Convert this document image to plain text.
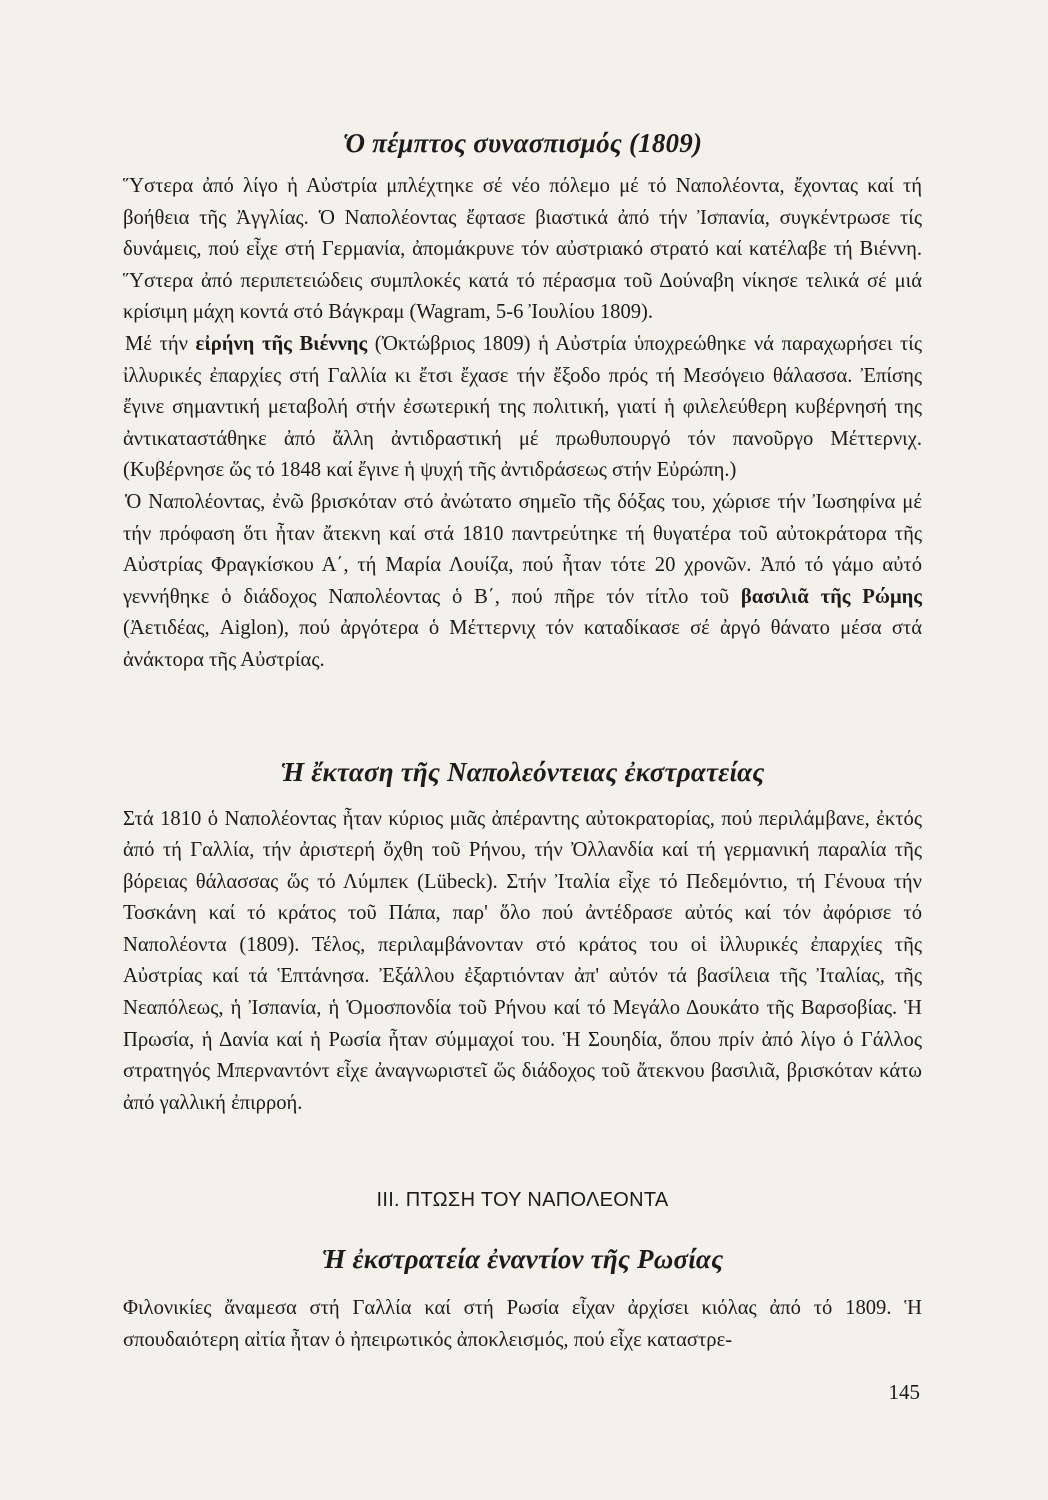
Ὁ πέμπτος συνασπισμός (1809)

Ὕστερα ἀπό λίγο ἡ Αὐστρία μπλέχτηκε σέ νέο πόλεμο μέ τό Ναπολέοντα, ἔχοντας καί τή βοήθεια τῆς Ἀγγλίας. Ὁ Ναπολέοντας ἔφτασε βιαστικά ἀπό τήν Ἰσπανία, συγκέντρωσε τίς δυνάμεις, πού εἶχε στή Γερμανία, ἀπομάκρυνε τόν αὐστριακό στρατό καί κατέλαβε τή Βιέννη. Ὕστερα ἀπό περιπετειώδεις συμπλοκές κατά τό πέρασμα τοῦ Δούναβη νίκησε τελικά σέ μιά κρίσιμη μάχη κοντά στό Βάγκραμ (Wagram, 5-6 Ἰουλίου 1809).

Μέ τήν εἰρήνη τῆς Βιέννης (Ὀκτώβριος 1809) ἡ Αὐστρία ὑποχρεώθηκε νά παραχωρήσει τίς ἰλλυρικές ἐπαρχίες στή Γαλλία κι ἔτσι ἔχασε τήν ἔξοδο πρός τή Μεσόγειο θάλασσα. Ἐπίσης ἔγινε σημαντική μεταβολή στήν ἐσωτερική της πολιτική, γιατί ἡ φιλελεύθερη κυβέρνησή της ἀντικαταστάθηκε ἀπό ἄλλη ἀντιδραστική μέ πρωθυπουργό τόν πανοῦργο Μέττερνιχ. (Κυβέρνησε ὥς τό 1848 καί ἔγινε ἡ ψυχή τῆς ἀντιδράσεως στήν Εὐρώπη.)

Ὁ Ναπολέοντας, ἐνῶ βρισκόταν στό ἀνώτατο σημεῖο τῆς δόξας του, χώρισε τήν Ἰωσηφίνα μέ τήν πρόφαση ὅτι ἦταν ἄτεκνη καί στά 1810 παντρεύτηκε τή θυγατέρα τοῦ αὐτοκράτορα τῆς Αὐστρίας Φραγκίσκου Α΄, τή Μαρία Λουίζα, πού ἦταν τότε 20 χρονῶν. Ἀπό τό γάμο αὐτό γεννήθηκε ὁ διάδοχος Ναπολέοντας ὁ Β΄, πού πῆρε τόν τίτλο τοῦ βασιλιᾶ τῆς Ρώμης (Ἀετιδέας, Aiglon), πού ἀργότερα ὁ Μέττερνιχ τόν καταδίκασε σέ ἀργό θάνατο μέσα στά ἀνάκτορα τῆς Αὐστρίας.

Ἡ ἔκταση τῆς Ναπολεόντειας ἐκστρατείας

Στά 1810 ὁ Ναπολέοντας ἦταν κύριος μιᾶς ἀπέραντης αὐτοκρατορίας, πού περιλάμβανε, ἐκτός ἀπό τή Γαλλία, τήν ἀριστερή ὄχθη τοῦ Ρήνου, τήν Ὀλλανδία καί τή γερμανική παραλία τῆς βόρειας θάλασσας ὥς τό Λύμπεκ (Lübeck). Στήν Ἰταλία εἶχε τό Πεδεμόντιο, τή Γένουα τήν Τοσκάνη καί τό κράτος τοῦ Πάπα, παρ' ὅλο πού ἀντέδρασε αὐτός καί τόν ἀφόρισε τό Ναπολέοντα (1809). Τέλος, περιλαμβάνονταν στό κράτος του οἱ ἰλλυρικές ἐπαρχίες τῆς Αὐστρίας καί τά Ἑπτάνησα. Ἐξάλλου ἐξαρτιόνταν ἀπ' αὐτόν τά βασίλεια τῆς Ἰταλίας, τῆς Νεαπόλεως, ἡ Ἰσπανία, ἡ Ὁμοσπονδία τοῦ Ρήνου καί τό Μεγάλο Δουκάτο τῆς Βαρσοβίας. Ἡ Πρωσία, ἡ Δανία καί ἡ Ρωσία ἦταν σύμμαχοί του. Ἡ Σουηδία, ὅπου πρίν ἀπό λίγο ὁ Γάλλος στρατηγός Μπερναντόντ εἶχε ἀναγνωριστεῖ ὥς διάδοχος τοῦ ἄτεκνου βασιλιᾶ, βρισκόταν κάτω ἀπό γαλλική ἐπιρροή.

III. ΠΤΩΣΗ ΤΟΥ ΝΑΠΟΛΕΟΝΤΑ
Ἡ ἐκστρατεία ἐναντίον τῆς Ρωσίας

Φιλονικίες ἄναμεσα στή Γαλλία καί στή Ρωσία εἶχαν ἀρχίσει κιόλας ἀπό τό 1809. Ἡ σπουδαιότερη αἰτία ἦταν ὁ ἠπειρωτικός ἀποκλεισμός, πού εἶχε καταστρε-

145
